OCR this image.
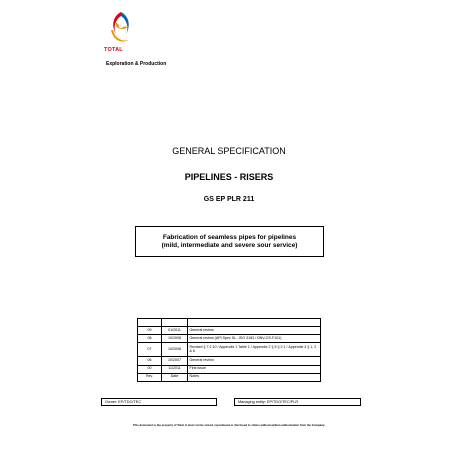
TOTAL
Exploration & Production
GENERAL SPECIFICATION
PIPELINES - RISERS
GS EP PLR 211
Fabrication of seamless pipes for pipelines
(mild, intermediate and severe sour service)

09	01/2011	General review
08	10/2008	General review (API Spec 5L - ISO 3183 / DNV-OS-F101)
07	10/2008	Revised § 7.2.10 / Appendix 1 Table 1 / Appendix 2 § 5 § 2.1 / Appendix 4 § 1, 2 & 6
06	10/2007	General review
00	11/2011	First issue
Rev.	Date	Notes
Owner: EP/TDO/TEC	Managing entity: EP/TDO/TEC/PLR
This document is the property of Total. It must not be stored, reproduced or disclosed to others without written authorisation from the Company.
